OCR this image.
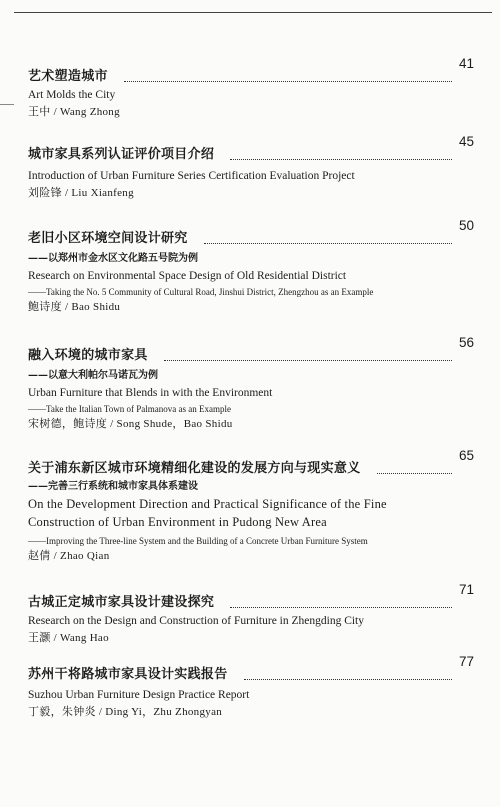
艺术塑造城市
41
Art Molds the City
王中 / Wang Zhong
城市家具系列认证评价项目介绍
45
Introduction of Urban Furniture Series Certification Evaluation Project
刘险锋 / Liu Xianfeng
老旧小区环境空间设计研究
50
——以郑州市金水区文化路五号院为例
Research on Environmental Space Design of Old Residential District
——Taking the No. 5 Community of Cultural Road, Jinshui District, Zhengzhou as an Example
鲍诗度 / Bao Shidu
融入环境的城市家具
56
——以意大利帕尔马诺瓦为例
Urban Furniture that Blends in with the Environment
——Take the Italian Town of Palmanova as an Example
宋树德，鲍诗度 / Song Shude，Bao Shidu
关于浦东新区城市环境精细化建设的发展方向与现实意义
65
——完善三行系统和城市家具体系建设
On the Development Direction and Practical Significance of the Fine
Construction of Urban Environment in Pudong New Area
——Improving the Three-line System and the Building of a Concrete Urban Furniture System
赵倩 / Zhao Qian
古城正定城市家具设计建设探究
71
Research on the Design and Construction of Furniture in Zhengding City
王灏 / Wang Hao
苏州干将路城市家具设计实践报告
77
Suzhou Urban Furniture Design Practice Report
丁毅，朱钟炎 / Ding Yi，Zhu Zhongyan
